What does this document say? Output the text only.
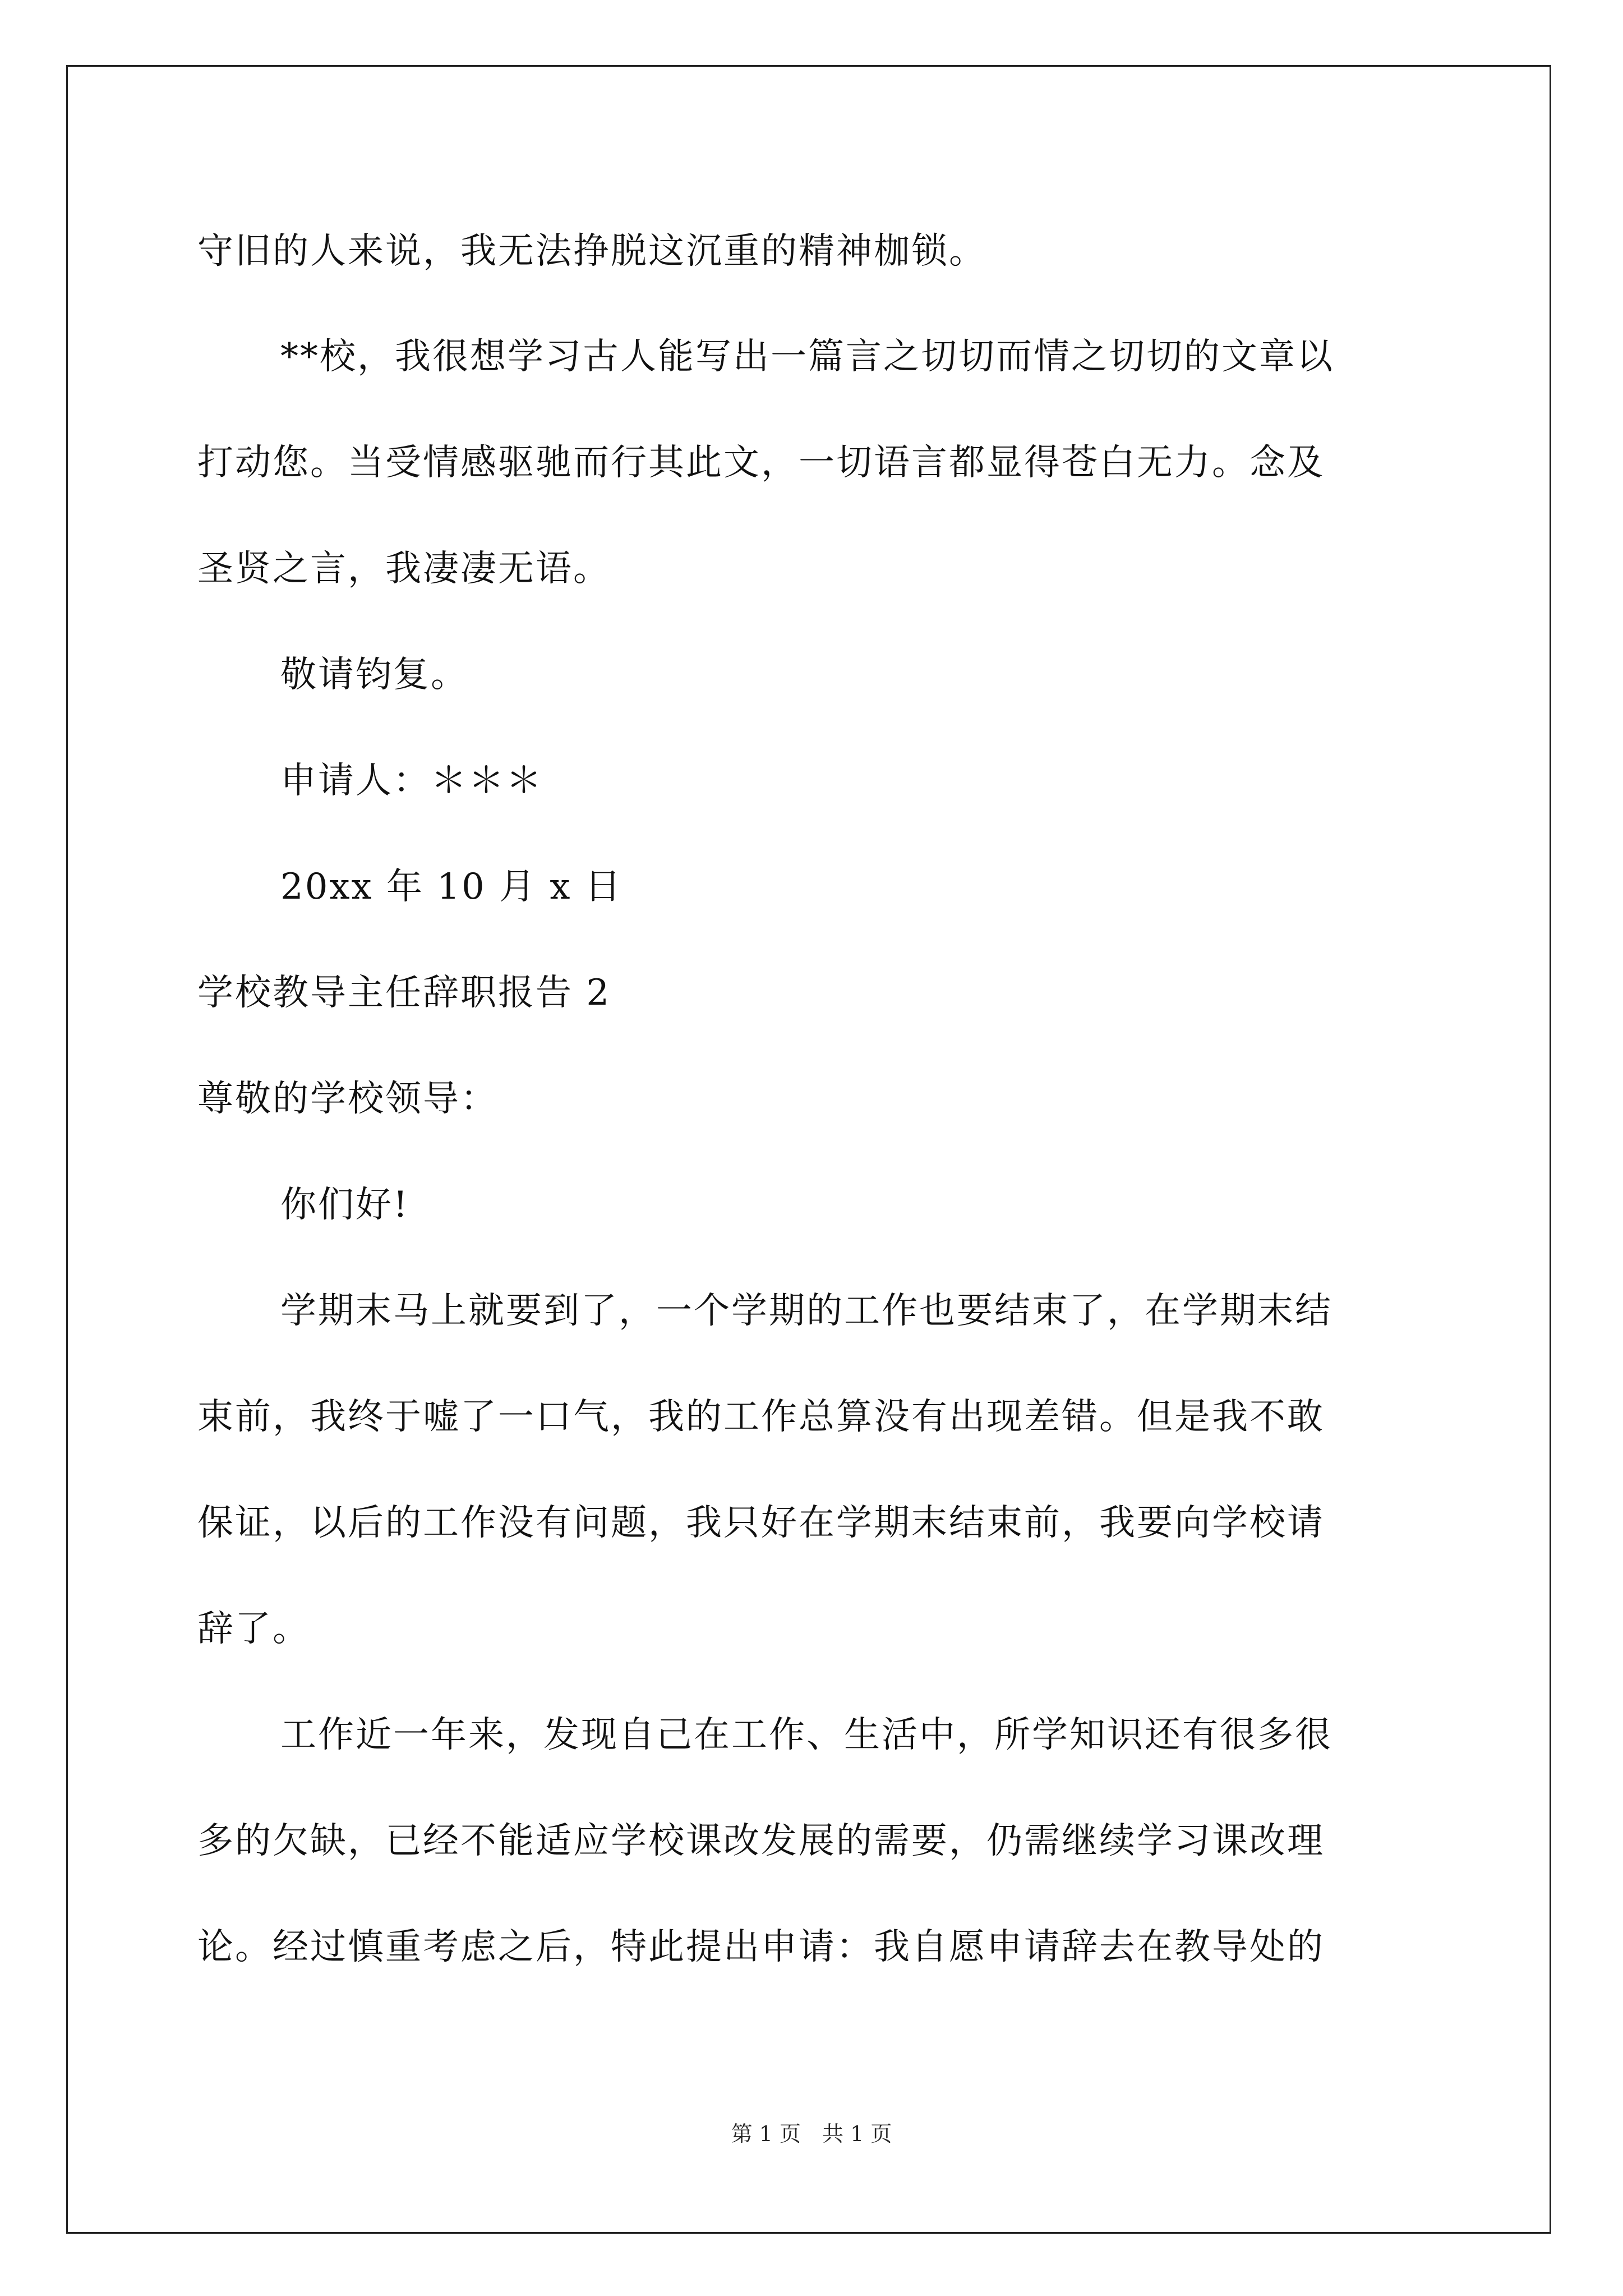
守旧的人来说，我无法挣脱这沉重的精神枷锁。
**校，我很想学习古人能写出一篇言之切切而情之切切的文章以
打动您。当受情感驱驰而行其此文，一切语言都显得苍白无力。念及
圣贤之言，我凄凄无语。
敬请钧复。
申请人：＊＊＊
20xx 年 10 月 x 日
学校教导主任辞职报告 2
尊敬的学校领导：
你们好!
学期末马上就要到了，一个学期的工作也要结束了，在学期末结
束前，我终于嘘了一口气，我的工作总算没有出现差错。但是我不敢
保证，以后的工作没有问题，我只好在学期末结束前，我要向学校请
辞了。
工作近一年来，发现自己在工作、生活中，所学知识还有很多很
多的欠缺，已经不能适应学校课改发展的需要，仍需继续学习课改理
论。经过慎重考虑之后，特此提出申请：我自愿申请辞去在教导处的
第 1 页　共 1 页
